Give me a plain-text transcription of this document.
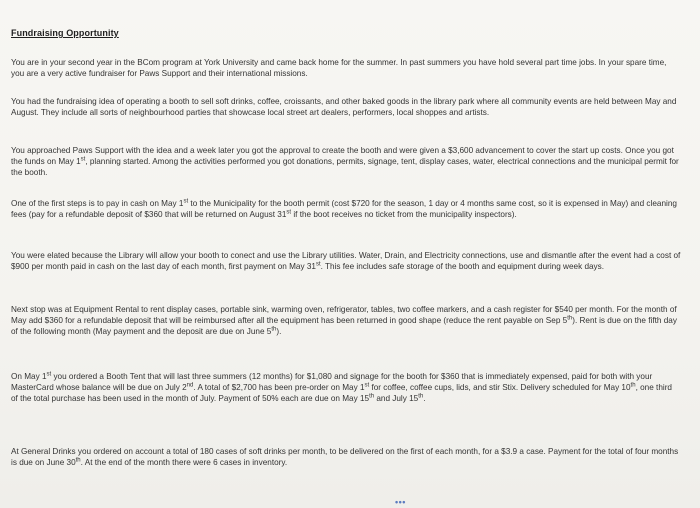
Fundraising Opportunity

You are in your second year in the BCom program at York University and came back home for the summer. In past summers you have hold several part time jobs. In your spare time, you are a very active fundraiser for Paws Support and their international missions.

You had the fundraising idea of operating a booth to sell soft drinks, coffee, croissants, and other baked goods in the library park where all community events are held between May and August. They include all sorts of neighbourhood parties that showcase local street art dealers, performers, local shoppes and artists.

You approached Paws Support with the idea and a week later you got the approval to create the booth and were given a $3,600 advancement to cover the start up costs. Once you got the funds on May 1st, planning started. Among the activities performed you got donations, permits, signage, tent, display cases, water, electrical connections and the municipal permit for the booth.

One of the first steps is to pay in cash on May 1st to the Municipality for the booth permit (cost $720 for the season, 1 day or 4 months same cost, so it is expensed in May) and cleaning fees (pay for a refundable deposit of $360 that will be returned on August 31st if the boot receives no ticket from the municipality inspectors).

You were elated because the Library will allow your booth to conect and use the Library utilities. Water, Drain, and Electricity connections, use and dismantle after the event had a cost of $900 per month paid in cash on the last day of each month, first payment on May 31st. This fee includes safe storage of the booth and equipment during week days.

Next stop was at Equipment Rental to rent display cases, portable sink, warming oven, refrigerator, tables, two coffee markers, and a cash register for $540 per month. For the month of May add $360 for a refundable deposit that will be reimbursed after all the equipment has been returned in good shape (reduce the rent payable on Sep 5th). Rent is due on the fifth day of the following month (May payment and the deposit are due on June 5th).

On May 1st you ordered a Booth Tent that will last three summers (12 months) for $1,080 and signage for the booth for $360 that is immediately expensed, paid for both with your MasterCard whose balance will be due on July 2nd. A total of $2,700 has been pre-order on May 1st for coffee, coffee cups, lids, and stir Stix. Delivery scheduled for May 10th, one third of the total purchase has been used in the month of July. Payment of 50% each are due on May 15th and July 15th.

At General Drinks you ordered on account a total of 180 cases of soft drinks per month, to be delivered on the first of each month, for a $3.9 a case. Payment for the total of four months is due on June 30th. At the end of the month there were 6 cases in inventory.

•••
